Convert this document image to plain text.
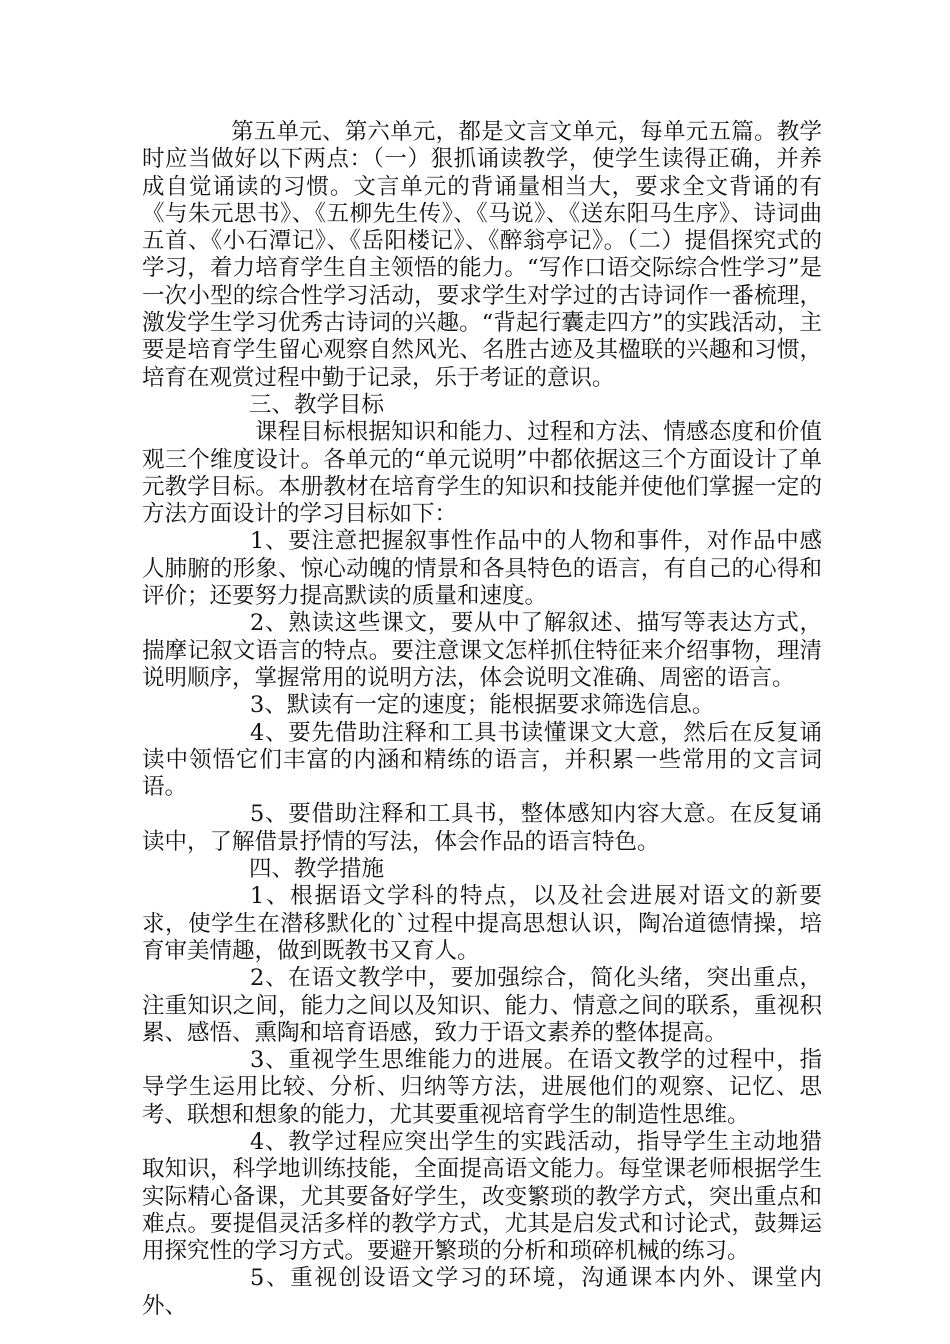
第五单元、第六单元，都是文言文单元，每单元五篇。教学时应当做好以下两点：（一）狠抓诵读教学，使学生读得正确，并养成自觉诵读的习惯。文言单元的背诵量相当大，要求全文背诵的有《与朱元思书》、《五柳先生传》、《马说》、《送东阳马生序》、诗词曲五首、《小石潭记》、《岳阳楼记》、《醉翁亭记》。（二）提倡探究式的学习，着力培育学生自主领悟的能力。“写作口语交际综合性学习”是一次小型的综合性学习活动，要求学生对学过的古诗词作一番梳理，激发学生学习优秀古诗词的兴趣。“背起行囊走四方”的实践活动，主要是培育学生留心观察自然风光、名胜古迹及其楹联的兴趣和习惯，培育在观赏过程中勤于记录，乐于考证的意识。

三、教学目标

课程目标根据知识和能力、过程和方法、情感态度和价值观三个维度设计。各单元的“单元说明”中都依据这三个方面设计了单元教学目标。本册教材在培育学生的知识和技能并使他们掌握一定的方法方面设计的学习目标如下：

1、要注意把握叙事性作品中的人物和事件，对作品中感人肺腑的形象、惊心动魄的情景和各具特色的语言，有自己的心得和评价；还要努力提高默读的质量和速度。

2、熟读这些课文，要从中了解叙述、描写等表达方式，揣摩记叙文语言的特点。要注意课文怎样抓住特征来介绍事物，理清说明顺序，掌握常用的说明方法，体会说明文准确、周密的语言。

3、默读有一定的速度；能根据要求筛选信息。

4、要先借助注释和工具书读懂课文大意，然后在反复诵读中领悟它们丰富的内涵和精练的语言，并积累一些常用的文言词语。

5、要借助注释和工具书，整体感知内容大意。在反复诵读中，了解借景抒情的写法，体会作品的语言特色。

四、教学措施

1、根据语文学科的特点，以及社会进展对语文的新要求，使学生在潜移默化的`过程中提高思想认识，陶冶道德情操，培育审美情趣，做到既教书又育人。

2、在语文教学中，要加强综合，简化头绪，突出重点，注重知识之间，能力之间以及知识、能力、情意之间的联系，重视积累、感悟、熏陶和培育语感，致力于语文素养的整体提高。

3、重视学生思维能力的进展。在语文教学的过程中，指导学生运用比较、分析、归纳等方法，进展他们的观察、记忆、思考、联想和想象的能力，尤其要重视培育学生的制造性思维。

4、教学过程应突出学生的实践活动，指导学生主动地猎取知识，科学地训练技能，全面提高语文能力。每堂课老师根据学生实际精心备课，尤其要备好学生，改变繁琐的教学方式，突出重点和难点。要提倡灵活多样的教学方式，尤其是启发式和讨论式，鼓舞运用探究性的学习方式。要避开繁琐的分析和琐碎机械的练习。

5、重视创设语文学习的环境，沟通课本内外、课堂内外、
